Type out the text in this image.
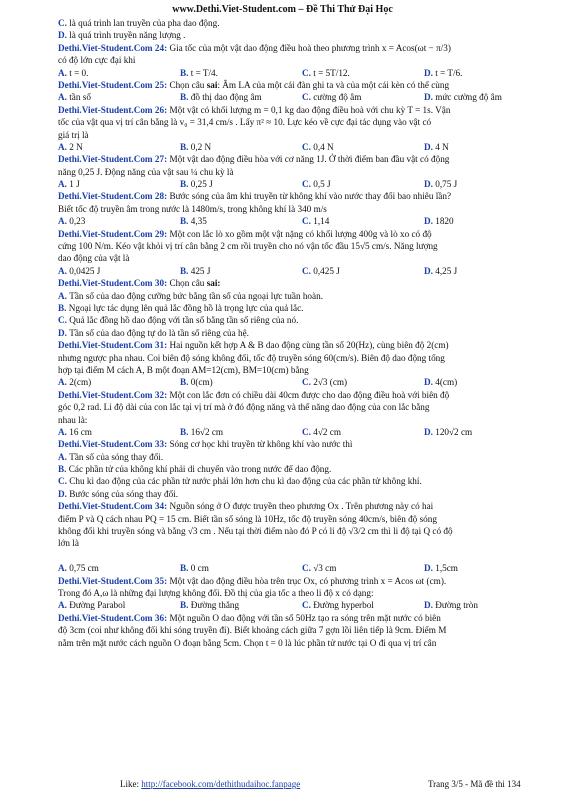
www.Dethi.Viet-Student.com – Đề Thi Thử Đại Học
C. là quá trình lan truyền của pha dao động.
D. là quá trình truyền năng lượng .
Dethi.Viet-Student.Com 24: Gia tốc của một vật dao động điều hoà theo phương trình x = Acos(ωt − π/3)
có độ lớn cực đại khi
A. t = 0.	B. t = T/4.	C. t = 5T/12.	D. t = T/6.
Dethi.Viet-Student.Com 25: Chọn câu sai: Âm LA của một cái đàn ghi ta và của một cái kèn có thể cùng
A. tần số	B. đồ thị dao động âm	C. cường độ âm	D. mức cường độ âm
Dethi.Viet-Student.Com 26: Một vật có khối lượng m = 0,1 kg dao động điều hoà với chu kỳ T = 1s. Vận
tốc của vật qua vị trí cân bằng là v₀ = 31,4 cm/s . Lấy π² ≈ 10. Lực kéo về cực đại tác dụng vào vật có
giá trị là
A. 2 N	B. 0,2 N	C. 0,4 N	D. 4 N
Dethi.Viet-Student.Com 27: Một vật dao động điều hòa với cơ năng 1J. Ở thời điểm ban đầu vật có động
năng 0,25 J. Động năng của vật sau ¼ chu kỳ là
A. 1 J	B. 0,25 J	C. 0,5 J	D. 0,75 J
Dethi.Viet-Student.Com 28: Bước sóng của âm khi truyền từ không khí vào nước thay đổi bao nhiêu lần?
Biết tốc độ truyền âm trong nước là 1480m/s, trong không khí là 340 m/s
A. 0,23	B. 4,35	C. 1,14	D. 1820
Dethi.Viet-Student.Com 29: Một con lắc lò xo gồm một vật nặng có khối lượng 400g và lò xo có độ
cứng 100 N/m. Kéo vật khỏi vị trí cân bằng 2 cm rồi truyền cho nó vận tốc đầu 15√5 cm/s. Năng lượng
dao động của vật là
A. 0,0425 J	B. 425 J	C. 0,425 J	D. 4,25 J
Dethi.Viet-Student.Com 30: Chọn câu sai:
A. Tần số của dao động cưỡng bức bằng tần số của ngoại lực tuần hoàn.
B. Ngoại lực tác dụng lên quả lắc đồng hồ là trọng lực của quả lắc.
C. Quả lắc đồng hồ dao động với tần số bằng tần số riêng của nó.
D. Tần số của dao động tự do là tần số riêng của hệ.
Dethi.Viet-Student.Com 31: Hai nguồn kết hợp A & B dao động cùng tần số 20(Hz), cùng biên độ 2(cm)
nhưng ngược pha nhau. Coi biên độ sóng không đổi, tốc độ truyền sóng 60(cm/s). Biên độ dao động tổng
hợp tại điểm M cách A, B một đoạn AM=12(cm), BM=10(cm) bằng
A. 2(cm)	B. 0(cm)	C. 2√3 (cm)	D. 4(cm)
Dethi.Viet-Student.Com 32: Một con lắc đơn có chiều dài 40cm được cho dao động điều hoà với biên độ
góc 0,2 rad. Li độ dài của con lắc tại vị trí mà ở đó động năng và thế năng dao động của con lắc bằng
nhau là:
A. 16 cm	B. 16√2 cm	C. 4√2 cm	D. 120√2 cm
Dethi.Viet-Student.Com 33: Sóng cơ học khi truyền từ không khí vào nước thì
A. Tần số của sóng thay đổi.
B. Các phần tử của không khí phải di chuyển vào trong nước để dao động.
C. Chu kì dao động của các phần tử nước phải lớn hơn chu kì dao động của các phần tử không khí.
D. Bước sóng của sóng thay đổi.
Dethi.Viet-Student.Com 34: Nguồn sóng ở O được truyền theo phương Ox . Trên phương này có hai
điểm P và Q cách nhau PQ = 15 cm. Biết tần số sóng là 10Hz, tốc độ truyền sóng 40cm/s, biên độ sóng
không đổi khi truyền sóng và bằng √3 cm . Nếu tại thời điểm nào đó P có li độ √3/2 cm thì li độ tại Q có độ
lớn là
A. 0,75 cm	B. 0 cm	C. √3 cm	D. 1,5cm
Dethi.Viet-Student.Com 35: Một vật dao động điều hòa trên trục Ox, có phương trình x = Acos ωt (cm).
Trong đó A,ω là những đại lượng không đổi. Đồ thị của gia tốc a theo li độ x có dạng:
A. Đường Parabol	B. Đường thẳng	C. Đường hyperbol	D. Đường tròn
Dethi.Viet-Student.Com 36: Một nguồn O dao động với tần số 50Hz tạo ra sóng trên mặt nước có biên
độ 3cm (coi như không đổi khi sóng truyền đi). Biết khoảng cách giữa 7 gợn lồi liên tiếp là 9cm. Điểm M
nằm trên mặt nước cách nguồn O đoạn bằng 5cm. Chọn t = 0 là lúc phần tử nước tại O đi qua vị trí cân
Like: http://facebook.com/dethithudaihoc.fanpage	Trang 3/5 - Mã đề thi 134
